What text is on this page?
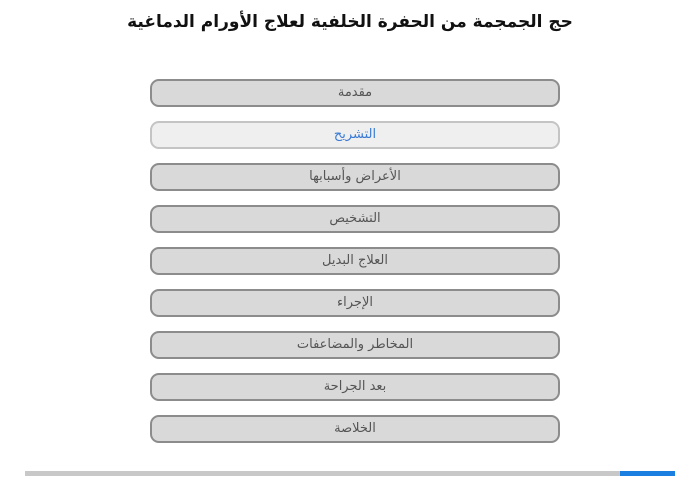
حج الجمجمة من الحفرة الخلفية لعلاج الأورام الدماغية
مقدمة
التشريح
الأعراض وأسبابها
التشخيص
العلاج البديل
الإجراء
المخاطر والمضاعفات
بعد الجراحة
الخلاصة
